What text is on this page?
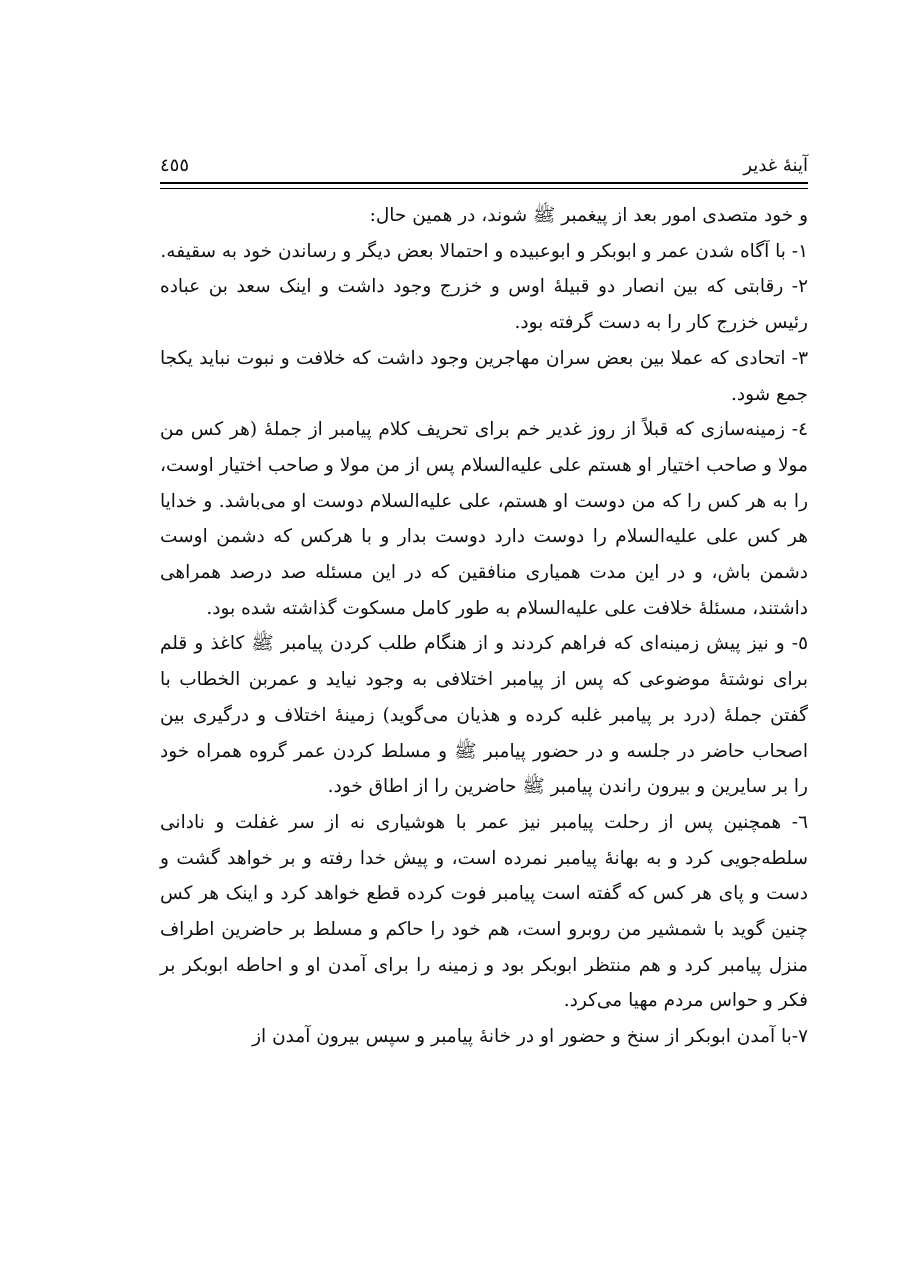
آینهٔ غدیر
٤٥٥

و خود متصدی امور بعد از پیغمبر ﷺ شوند، در همین حال:

١- با آگاه شدن عمر و ابوبکر و ابوعبیده و احتمالا بعض دیگر و رساندن خود به سقیفه.

٢- رقابتی که بین انصار دو قبیلهٔ اوس و خزرج وجود داشت و اینک سعد بن عباده رئیس خزرج کار را به دست گرفته بود.

٣- اتحادی که عملا بین بعض سران مهاجرین وجود داشت که خلافت و نبوت نباید یکجا جمع شود.

٤- زمینه‌سازی که قبلاً از روز غدیر خم برای تحریف کلام پیامبر از جملهٔ (هر کس من مولا و صاحب اختیار او هستم علی علیه‌السلام پس از من مولا و صاحب اختیار اوست، را به هر کس را که من دوست او هستم، علی علیه‌السلام دوست او می‌باشد. و خدایا هر کس علی علیه‌السلام را دوست دارد دوست بدار و با هرکس که دشمن اوست دشمن باش، و در این مدت همیاری منافقین که در این مسئله صد درصد همراهی داشتند، مسئلهٔ خلافت علی علیه‌السلام به طور کامل مسکوت گذاشته شده بود.

٥- و نیز پیش زمینه‌ای که فراهم کردند و از هنگام طلب کردن پیامبر ﷺ کاغذ و قلم برای نوشتهٔ موضوعی که پس از پیامبر اختلافی به وجود نیاید و عمربن الخطاب با گفتن جملهٔ (درد بر پیامبر غلبه کرده و هذیان می‌گوید) زمینهٔ اختلاف و درگیری بین اصحاب حاضر در جلسه و در حضور پیامبر ﷺ و مسلط کردن عمر گروه همراه خود را بر سایرین و بیرون راندن پیامبر ﷺ حاضرین را از اطاق خود.

٦- همچنین پس از رحلت پیامبر نیز عمر با هوشیاری نه از سر غفلت و نادانی سلطه‌جویی کرد و به بهانهٔ پیامبر نمرده است، و پیش خدا رفته و بر خواهد گشت و دست و پای هر کس که گفته است پیامبر فوت کرده قطع خواهد کرد و اینک هر کس چنین گوید با شمشیر من روبرو است، هم خود را حاکم و مسلط بر حاضرین اطراف منزل پیامبر کرد و هم منتظر ابوبکر بود و زمینه را برای آمدن او و احاطه ابوبکر بر فکر و حواس مردم مهیا می‌کرد.

٧-با آمدن ابوبکر از سنخ و حضور او در خانهٔ پیامبر و سپس بیرون آمدن از
